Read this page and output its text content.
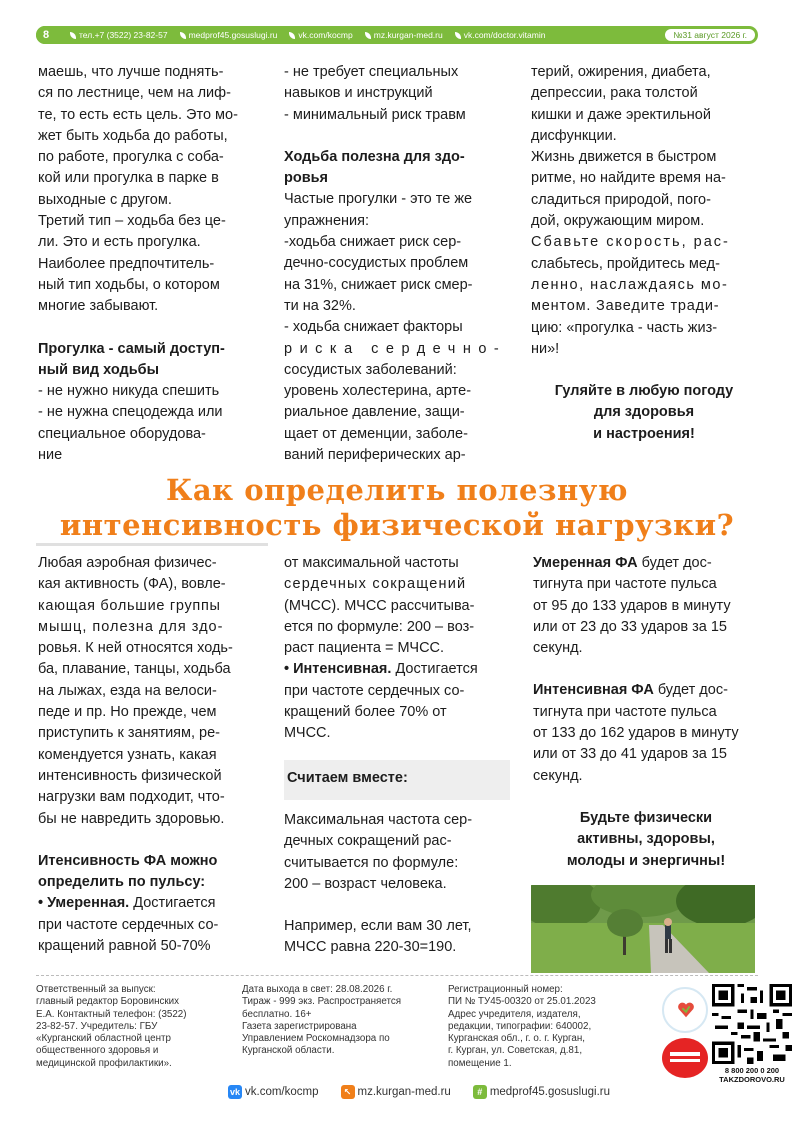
8	тел.+7 (3522) 23-82-57 medprof45.gosuslugi.ru vk.com/kocmp mz.kurgan-med.ru vk.com/doctor.vitamin	№31 август 2026 г.

маешь, что лучше поднять-

ся по лестнице, чем на лиф-

те, то есть есть цель. Это мо-

жет быть ходьба до работы,

по работе, прогулка с соба-

кой или прогулка в парке в

выходные с другом.

Третий тип – ходьба без це-

ли. Это и есть прогулка.

Наиболее предпочтитель-

ный тип ходьбы, о котором

многие забывают.

Прогулка - самый доступ-

ный вид ходьбы

- не нужно никуда спешить

- не нужна спецодежда или

специальное оборудова-

ние

- не требует специальных

навыков и инструкций

- минимальный риск травм

Ходьба полезна для здо-

ровья

Частые прогулки - это те же

упражнения:

-ходьба снижает риск сер-

дечно-сосудистых проблем

на 31%, снижает риск смер-

ти на 32%.

- ходьба снижает факторы

риска сердечно-

сосудистых заболеваний:

уровень холестерина, арте-

риальное давление, защи-

щает от деменции, заболе-

ваний периферических ар-

терий, ожирения, диабета,

депрессии, рака толстой

кишки и даже эректильной

дисфункции.

Жизнь движется в быстром

ритме, но найдите время на-

сладиться природой, пого-

дой, окружающим миром.

Сбавьте скорость, рас-

слабьтесь, пройдитесь мед-

ленно, наслаждаясь мо-

ментом. Заведите тради-

цию: «прогулка - часть жиз-

ни»!

Гуляйте в любую погоду

для здоровья

и настроения!

Как определить полезную
интенсивность физической нагрузки?

Любая аэробная физичес-

кая активность (ФА), вовле-

кающая большие группы

мышц, полезна для здо-

ровья. К ней относятся ходь-

ба, плавание, танцы, ходьба

на лыжах, езда на велоси-

педе и пр. Но прежде, чем

приступить к занятиям, ре-

комендуется узнать, какая

интенсивность физической

нагрузки вам подходит, что-

бы не навредить здоровью.

Итенсивность ФА можно

определить по пульсу:

• Умеренная. Достигается

при частоте сердечных со-

кращений равной 50-70%

от максимальной частоты

сердечных сокращений

(МЧСС). МЧСС рассчитыва-

ется по формуле: 200 – воз-

раст пациента = МЧСС.

• Интенсивная. Достигается

при частоте сердечных со-

кращений более 70% от

МЧСС.

Считаем вместе:

Максимальная частота сер-

дечных сокращений рас-

считывается по формуле:

200 – возраст человека.

Например, если вам 30 лет,

МЧСС равна 220-30=190.

Умеренная ФА будет дос-

тигнута при частоте пульса

от 95 до 133 ударов в минуту

или от 23 до 33 ударов за 15

секунд.

Интенсивная ФА будет дос-

тигнута при частоте пульса

от 133 до 162 ударов в минуту

или от 33 до 41 ударов за 15

секунд.

Будьте физически

активны, здоровы,

молоды и энергичны!

Ответственный за выпуск:
главный редактор Боровинских
Е.А. Контактный телефон: (3522)
23-82-57. Учредитель: ГБУ
«Курганский областной центр
общественного здоровья и
медицинской профилактики».
Дата выхода в свет: 28.08.2026 г.
Тираж - 999 экз. Распространяется
бесплатно. 16+
Газета зарегистрирована
Управлением Роскомнадзора по
Курганской области.
Регистрационный номер:
ПИ № ТУ45-00320 от 25.01.2023
Адрес учредителя, издателя,
редакции, типографии: 640002,
Курганская обл., г. о. г. Курган,
г. Курган, ул. Советская, д.81,
помещение 1.
vk vk.com/kocmp	↖ mz.kurgan-med.ru	# medprof45.gosuslugi.ru
8 800 200 0 200
TAKZDOROVO.RU
